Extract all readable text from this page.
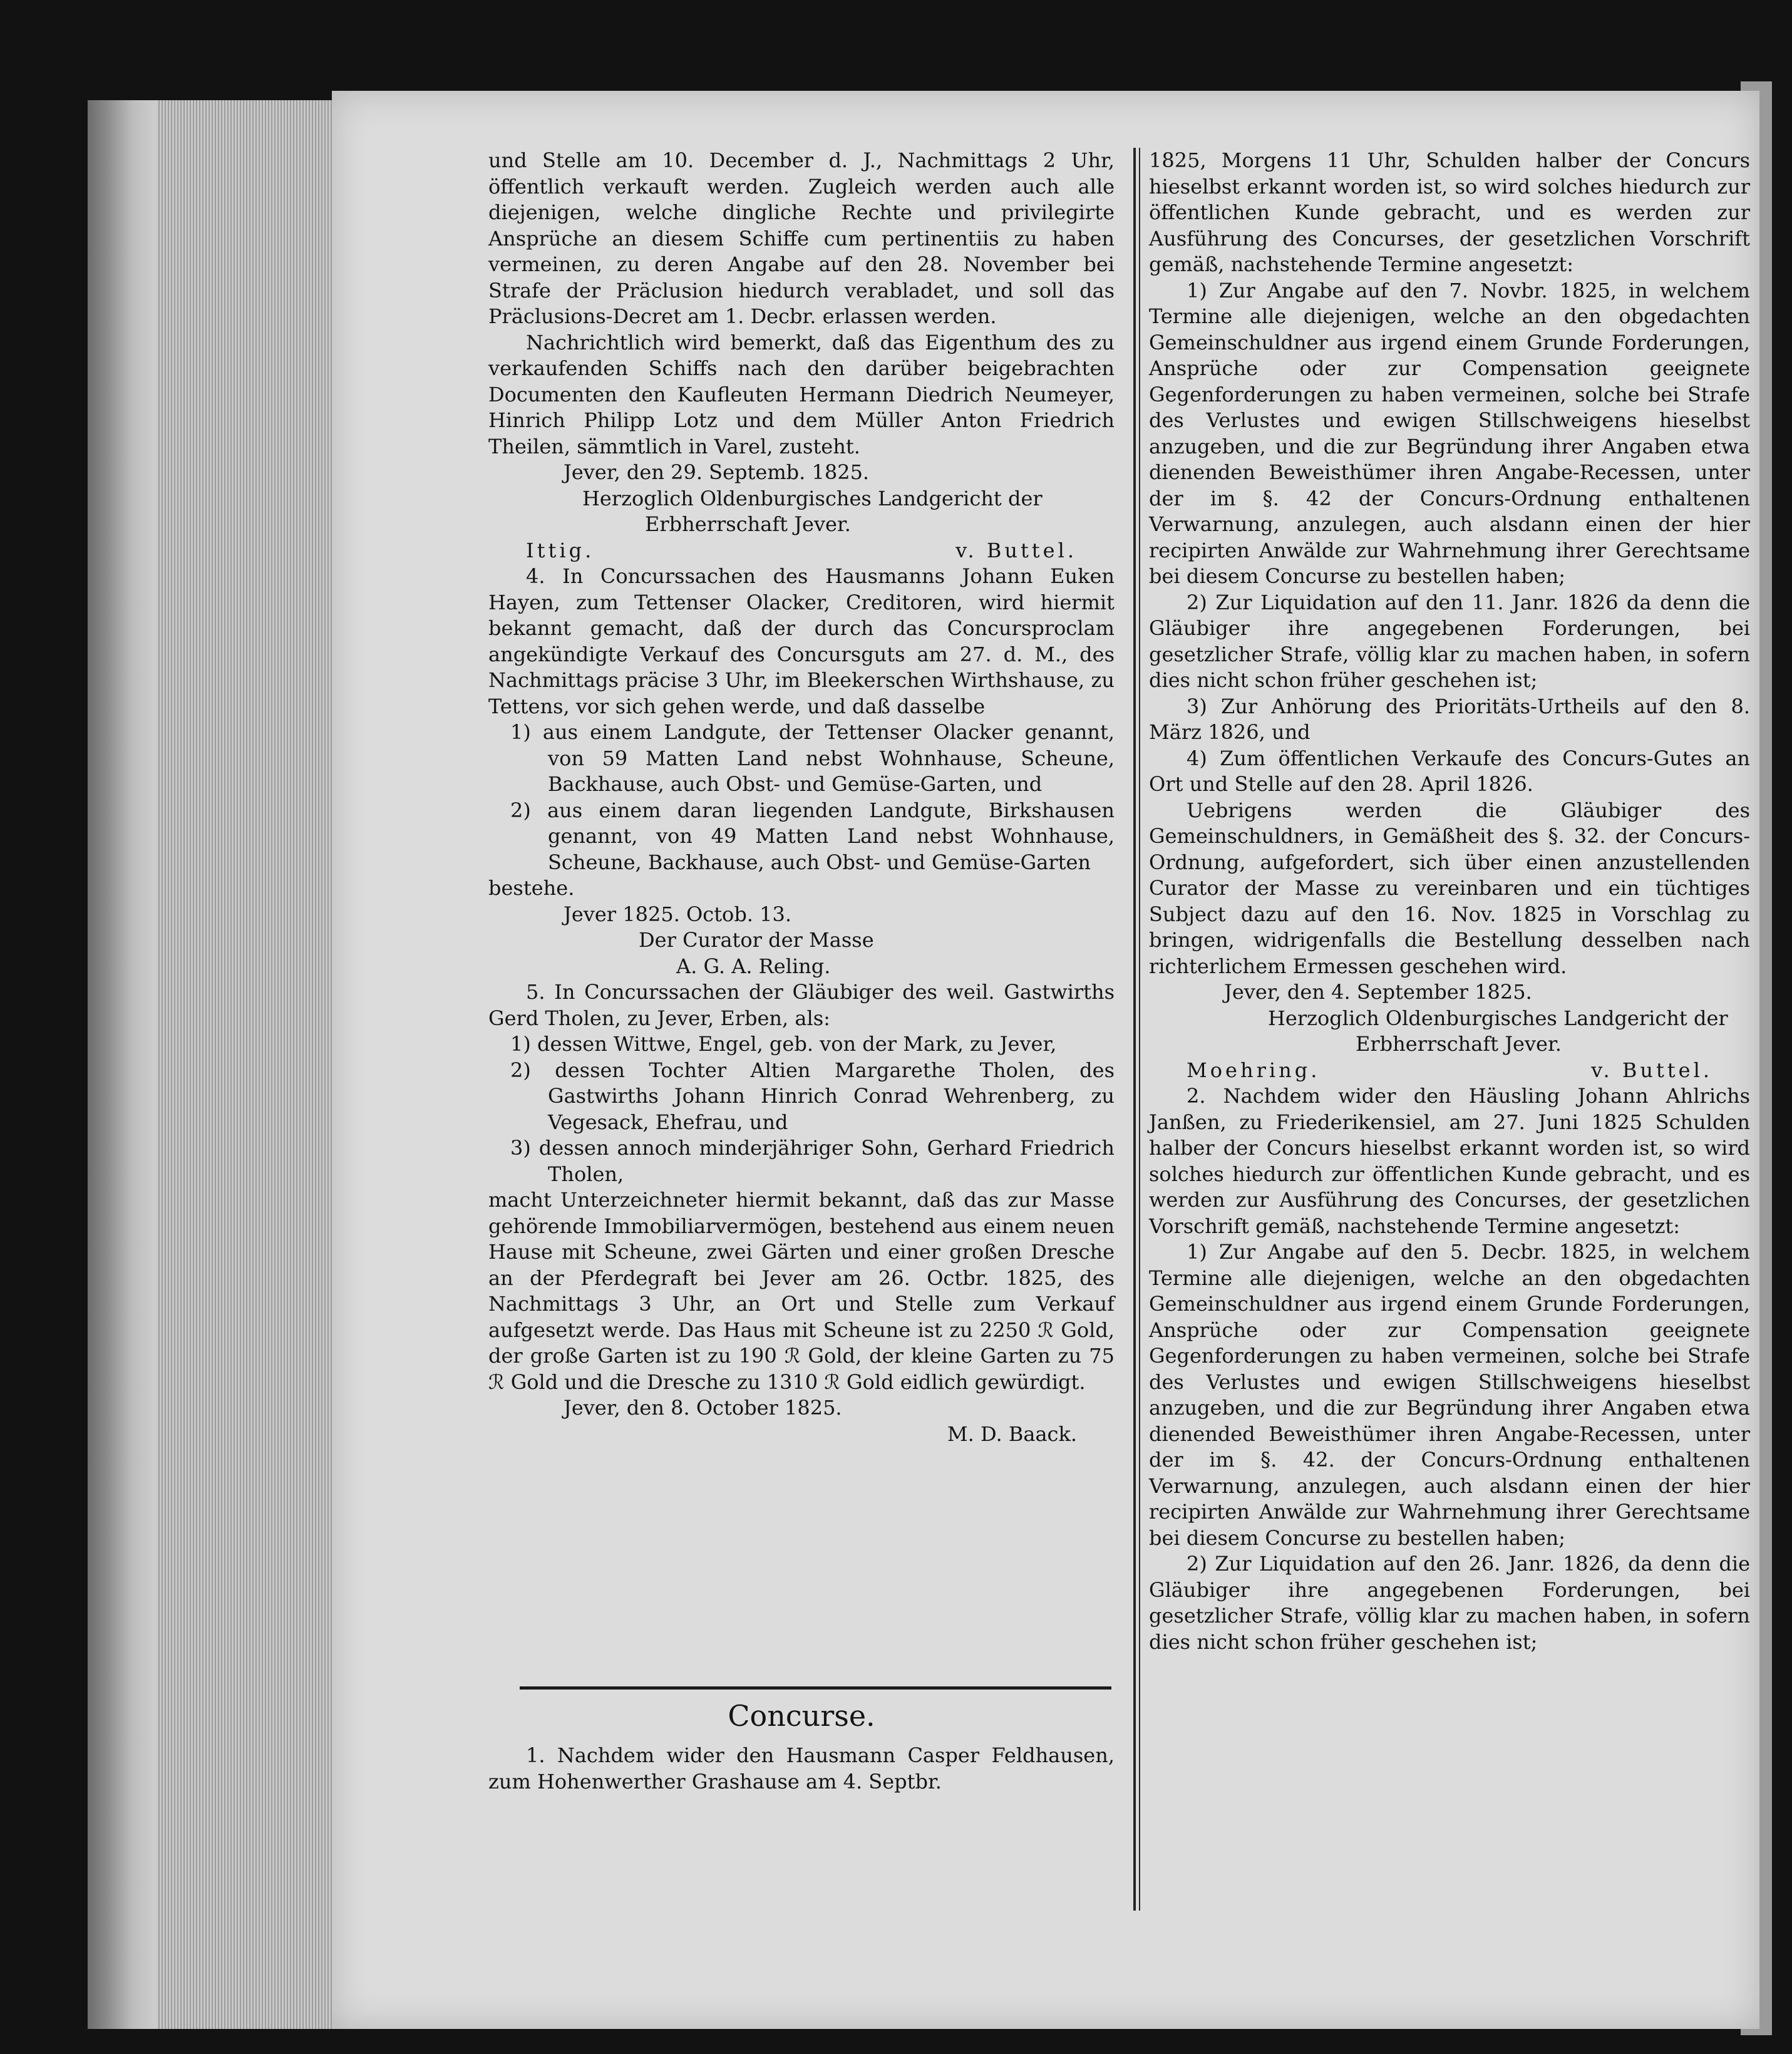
und Stelle am 10. December d. J., Nachmittags 2 Uhr, öffentlich verkauft werden. Zugleich werden auch alle diejenigen, welche dingliche Rechte und privilegirte Ansprüche an diesem Schiffe cum pertinentiis zu haben vermeinen, zu deren Angabe auf den 28. November bei Strafe der Präclusion hiedurch verabladet, und soll das Präclusions-Decret am 1. Decbr. erlassen werden.

Nachrichtlich wird bemerkt, daß das Eigenthum des zu verkaufenden Schiffs nach den darüber beigebrachten Documenten den Kaufleuten Hermann Diedrich Neumeyer, Hinrich Philipp Lotz und dem Müller Anton Friedrich Theilen, sämmtlich in Varel, zusteht.

Jever, den 29. Septemb. 1825.

Herzoglich Oldenburgisches Landgericht der

Erbherrschaft Jever.

Ittig.	v. Buttel.

4. In Concurssachen des Hausmanns Johann Euken Hayen, zum Tettenser Olacker, Creditoren, wird hiermit bekannt gemacht, daß der durch das Concursproclam angekündigte Verkauf des Concursguts am 27. d. M., des Nachmittags präcise 3 Uhr, im Bleekerschen Wirthshause, zu Tettens, vor sich gehen werde, und daß dasselbe

1) aus einem Landgute, der Tettenser Olacker genannt, von 59 Matten Land nebst Wohnhause, Scheune, Backhause, auch Obst- und Gemüse-Garten, und

2) aus einem daran liegenden Landgute, Birkshausen genannt, von 49 Matten Land nebst Wohnhause, Scheune, Backhause, auch Obst- und Gemüse-Garten

bestehe.

Jever 1825. Octob. 13.

Der Curator der Masse

A. G. A. Reling.

5. In Concurssachen der Gläubiger des weil. Gastwirths Gerd Tholen, zu Jever, Erben, als:

1) dessen Wittwe, Engel, geb. von der Mark, zu Jever,

2) dessen Tochter Altien Margarethe Tholen, des Gastwirths Johann Hinrich Conrad Wehrenberg, zu Vegesack, Ehefrau, und

3) dessen annoch minderjähriger Sohn, Gerhard Friedrich Tholen,

macht Unterzeichneter hiermit bekannt, daß das zur Masse gehörende Immobiliarvermögen, bestehend aus einem neuen Hause mit Scheune, zwei Gärten und einer großen Dresche an der Pferdegraft bei Jever am 26. Octbr. 1825, des Nachmittags 3 Uhr, an Ort und Stelle zum Verkauf aufgesetzt werde. Das Haus mit Scheune ist zu 2250 ℛ Gold, der große Garten ist zu 190 ℛ Gold, der kleine Garten zu 75 ℛ Gold und die Dresche zu 1310 ℛ Gold eidlich gewürdigt.

Jever, den 8. October 1825.

M. D. Baack.

Concurse.

1. Nachdem wider den Hausmann Casper Feldhausen, zum Hohenwerther Grashause am 4. Septbr.

1825, Morgens 11 Uhr, Schulden halber der Concurs hieselbst erkannt worden ist, so wird solches hiedurch zur öffentlichen Kunde gebracht, und es werden zur Ausführung des Concurses, der gesetzlichen Vorschrift gemäß, nachstehende Termine angesetzt:

1) Zur Angabe auf den 7. Novbr. 1825, in welchem Termine alle diejenigen, welche an den obgedachten Gemeinschuldner aus irgend einem Grunde Forderungen, Ansprüche oder zur Compensation geeignete Gegenforderungen zu haben vermeinen, solche bei Strafe des Verlustes und ewigen Stillschweigens hieselbst anzugeben, und die zur Begründung ihrer Angaben etwa dienenden Beweisthümer ihren Angabe-Recessen, unter der im §. 42 der Concurs-Ordnung enthaltenen Verwarnung, anzulegen, auch alsdann einen der hier recipirten Anwälde zur Wahrnehmung ihrer Gerechtsame bei diesem Concurse zu bestellen haben;

2) Zur Liquidation auf den 11. Janr. 1826 da denn die Gläubiger ihre angegebenen Forderungen, bei gesetzlicher Strafe, völlig klar zu machen haben, in sofern dies nicht schon früher geschehen ist;

3) Zur Anhörung des Prioritäts-Urtheils auf den 8. März 1826, und

4) Zum öffentlichen Verkaufe des Concurs-Gutes an Ort und Stelle auf den 28. April 1826.

Uebrigens werden die Gläubiger des Gemeinschuldners, in Gemäßheit des §. 32. der Concurs-Ordnung, aufgefordert, sich über einen anzustellenden Curator der Masse zu vereinbaren und ein tüchtiges Subject dazu auf den 16. Nov. 1825 in Vorschlag zu bringen, widrigenfalls die Bestellung desselben nach richterlichem Ermessen geschehen wird.

Jever, den 4. September 1825.

Herzoglich Oldenburgisches Landgericht der

Erbherrschaft Jever.

Moehring.	v. Buttel.

2. Nachdem wider den Häusling Johann Ahlrichs Janßen, zu Friederikensiel, am 27. Juni 1825 Schulden halber der Concurs hieselbst erkannt worden ist, so wird solches hiedurch zur öffentlichen Kunde gebracht, und es werden zur Ausführung des Concurses, der gesetzlichen Vorschrift gemäß, nachstehende Termine angesetzt:

1) Zur Angabe auf den 5. Decbr. 1825, in welchem Termine alle diejenigen, welche an den obgedachten Gemeinschuldner aus irgend einem Grunde Forderungen, Ansprüche oder zur Compensation geeignete Gegenforderungen zu haben vermeinen, solche bei Strafe des Verlustes und ewigen Stillschweigens hieselbst anzugeben, und die zur Begründung ihrer Angaben etwa dienended Beweisthümer ihren Angabe-Recessen, unter der im §. 42. der Concurs-Ordnung enthaltenen Verwarnung, anzulegen, auch alsdann einen der hier recipirten Anwälde zur Wahrnehmung ihrer Gerechtsame bei diesem Concurse zu bestellen haben;

2) Zur Liquidation auf den 26. Janr. 1826, da denn die Gläubiger ihre angegebenen Forderungen, bei gesetzlicher Strafe, völlig klar zu machen haben, in sofern dies nicht schon früher geschehen ist;
